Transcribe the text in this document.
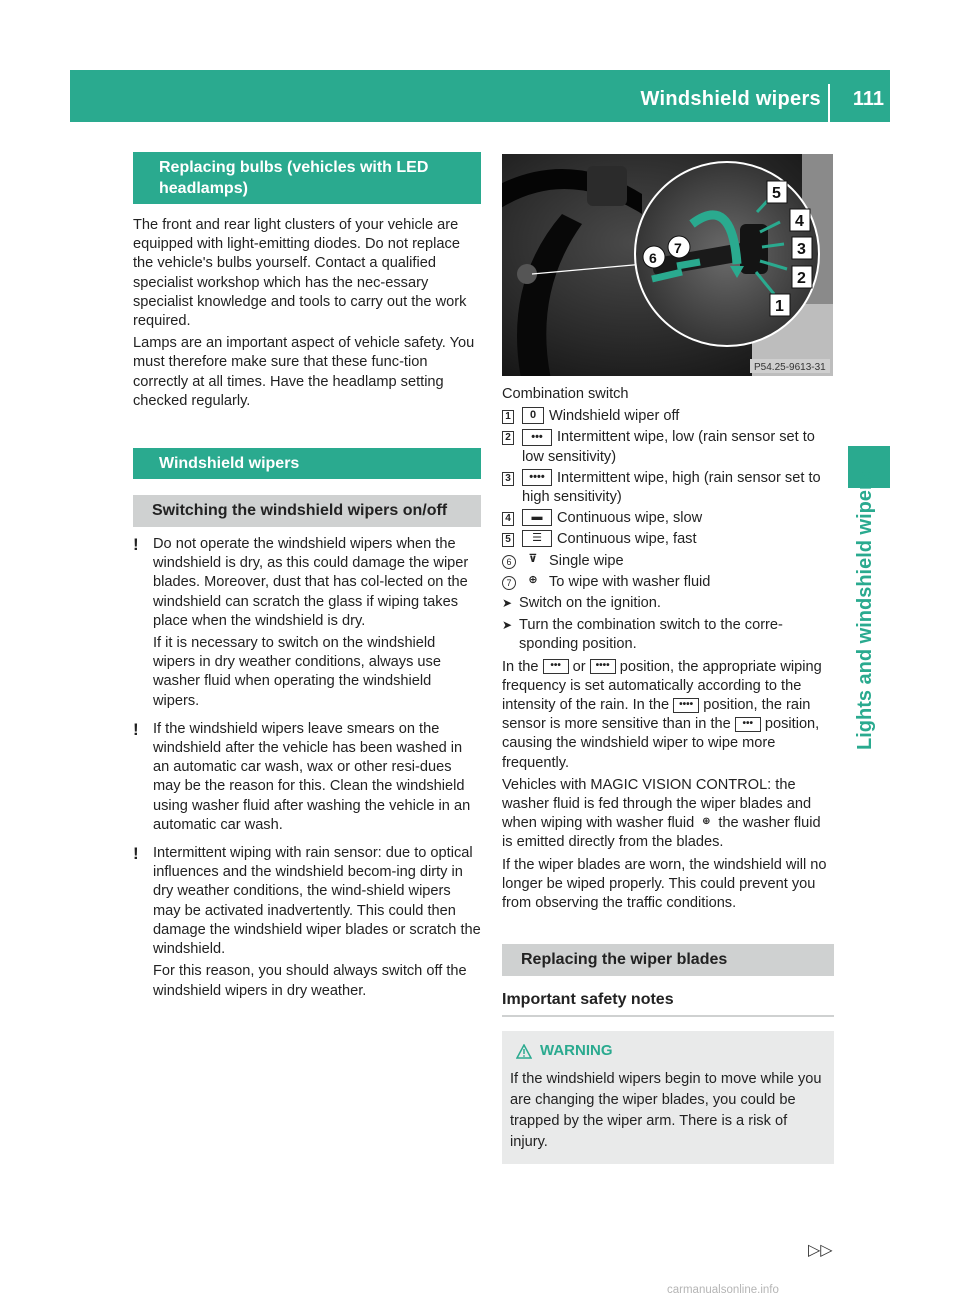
Windshield wipers 111
Lights and windshield wipers
Replacing bulbs (vehicles with LED headlamps)

The front and rear light clusters of your vehicle are equipped with light-emitting diodes. Do not replace the vehicle's bulbs yourself. Contact a qualified specialist workshop which has the nec-essary specialist knowledge and tools to carry out the work required.

Lamps are an important aspect of vehicle safety. You must therefore make sure that these func-tion correctly at all times. Have the headlamp setting checked regularly.

Windshield wipers
Switching the windshield wipers on/off
! Do not operate the windshield wipers when the windshield is dry, as this could damage the wiper blades. Moreover, dust that has col-lected on the windshield can scratch the glass if wiping takes place when the windshield is dry.

If it is necessary to switch on the windshield wipers in dry weather conditions, always use washer fluid when operating the windshield wipers.

! If the windshield wipers leave smears on the windshield after the vehicle has been washed in an automatic car wash, wax or other resi-dues may be the reason for this. Clean the windshield using washer fluid after washing the vehicle in an automatic car wash.

! Intermittent wiping with rain sensor: due to optical influences and the windshield becom-ing dirty in dry weather conditions, the wind-shield wipers may be activated inadvertently. This could then damage the windshield wiper blades or scratch the windshield.

For this reason, you should always switch off the windshield wipers in dry weather.

5
4
3
2
1
6
7
P54.25-9613-31

Combination switch

1	0 Windshield wiper off
2	••• Intermittent wipe, low (rain sensor set to low sensitivity)
3	•••• Intermittent wipe, high (rain sensor set to high sensitivity)
4	▬ Continuous wipe, slow
5	☰	Continuous wipe, fast
6	⊽ Single wipe
7	⊕ To wipe with washer fluid
➤ Switch on the ignition.
➤ Turn the combination switch to the corre-sponding position.

In the ••• or •••• position, the appropriate wiping frequency is set automatically according to the intensity of the rain. In the •••• position, the rain sensor is more sensitive than in the ••• position, causing the windshield wiper to wipe more frequently.

Vehicles with MAGIC VISION CONTROL: the washer fluid is fed through the wiper blades and when wiping with washer fluid ⊕ the washer fluid is emitted directly from the blades.

If the wiper blades are worn, the windshield will no longer be wiped properly. This could prevent you from observing the traffic conditions.

Replacing the wiper blades
Important safety notes
WARNING

If the windshield wipers begin to move while you are changing the wiper blades, you could be trapped by the wiper arm. There is a risk of injury.

▷▷
carmanualsonline.info
